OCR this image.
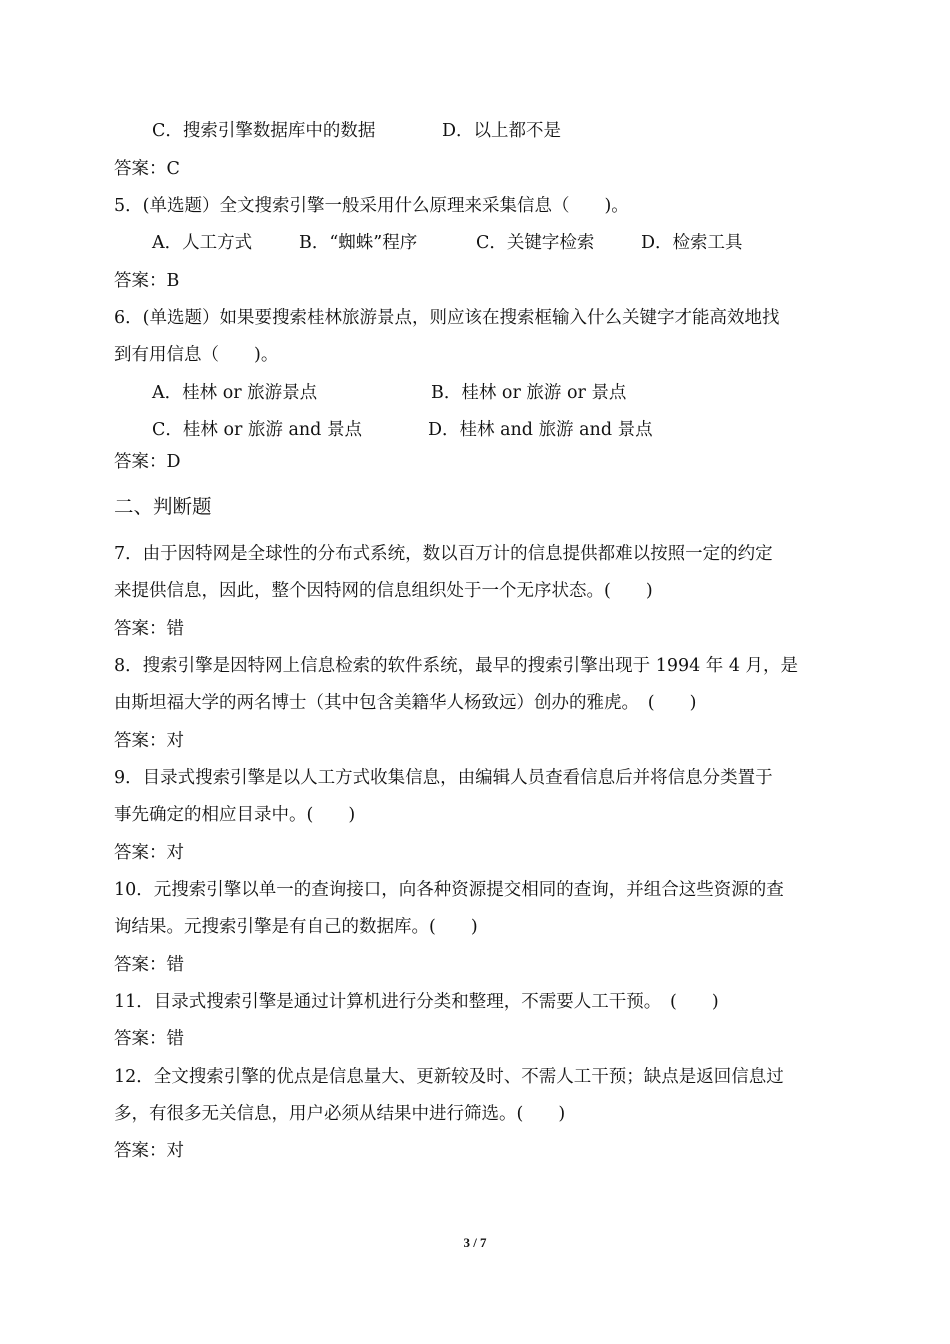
C．搜索引擎数据库中的数据	D．以上都不是
答案：C
5．(单选题）全文搜索引擎一般采用什么原理来采集信息（　　)。
A．人工方式	B．“蜘蛛”程序	C．关键字检索	D．检索工具
答案：B
6．(单选题）如果要搜索桂林旅游景点，则应该在搜索框输入什么关键字才能高效地找
到有用信息（　　)。
A．桂林 or 旅游景点	B．桂林 or 旅游 or 景点
C．桂林 or 旅游 and 景点	D．桂林 and 旅游 and 景点
答案：D
二、判断题
7．由于因特网是全球性的分布式系统，数以百万计的信息提供都难以按照一定的约定
来提供信息，因此，整个因特网的信息组织处于一个无序状态。(　　)
答案：错
8．搜索引擎是因特网上信息检索的软件系统，最早的搜索引擎出现于 1994 年 4 月，是
由斯坦福大学的两名博士（其中包含美籍华人杨致远）创办的雅虎。　(　　)
答案：对
9．目录式搜索引擎是以人工方式收集信息，由编辑人员查看信息后并将信息分类置于
事先确定的相应目录中。(　　)
答案：对
10．元搜索引擎以单一的查询接口，向各种资源提交相同的查询，并组合这些资源的查
询结果。元搜索引擎是有自己的数据库。(　　)
答案：错
11．目录式搜索引擎是通过计算机进行分类和整理，不需要人工干预。　(　　)
答案：错
12．全文搜索引擎的优点是信息量大、更新较及时、不需人工干预；缺点是返回信息过
多，有很多无关信息，用户必须从结果中进行筛选。(　　)
答案：对
3 / 7
